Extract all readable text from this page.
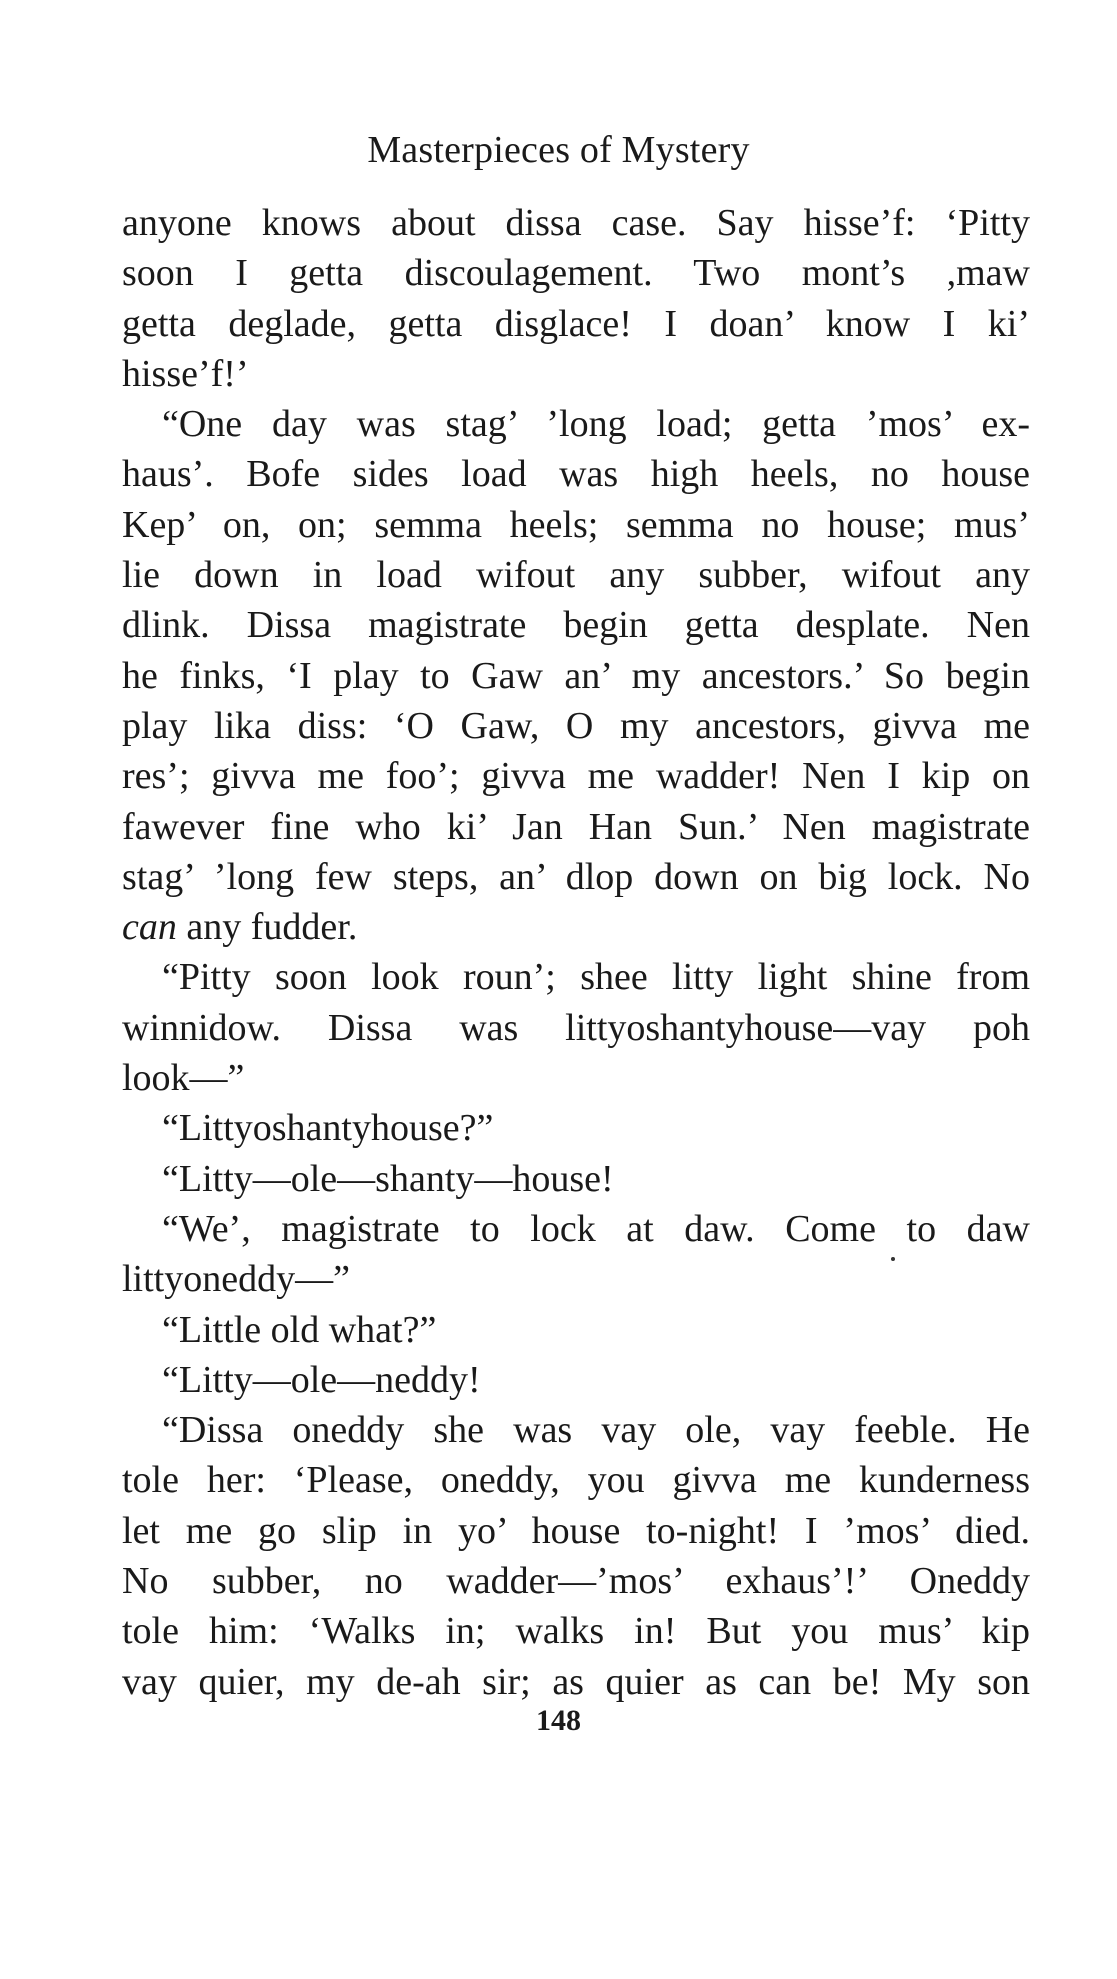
Masterpieces of Mystery

anyone knows about dissa case. Say hisse’f: ‘Pitty

soon I getta discoulagement. Two mont’s ,maw

getta deglade, getta disglace! I doan’ know I ki’

hisse’f!’

“One day was stag’ ’long load; getta ’mos’ ex-

haus’. Bofe sides load was high heels, no house

Kep’ on, on; semma heels; semma no house; mus’

lie down in load wifout any subber, wifout any

dlink. Dissa magistrate begin getta desplate. Nen

he finks, ‘I play to Gaw an’ my ancestors.’ So begin

play lika diss: ‘O Gaw, O my ancestors, givva me

res’; givva me foo’; givva me wadder! Nen I kip on

fawever fine who ki’ Jan Han Sun.’ Nen magistrate

stag’ ’long few steps, an’ dlop down on big lock. No

can any fudder.

“Pitty soon look roun’; shee litty light shine from

winnidow. Dissa was littyoshantyhouse—vay poh

look—”

“Littyoshantyhouse?”

“Litty—ole—shanty—house!

“We’, magistrate to lock at daw. Come to daw

littyoneddy—”

“Little old what?”

“Litty—ole—neddy!

“Dissa oneddy she was vay ole, vay feeble. He

tole her: ‘Please, oneddy, you givva me kunderness

let me go slip in yo’ house to-night! I ’mos’ died.

No subber, no wadder—’mos’ exhaus’!’ Oneddy

tole him: ‘Walks in; walks in! But you mus’ kip

vay quier, my de-ah sir; as quier as can be! My son

148
